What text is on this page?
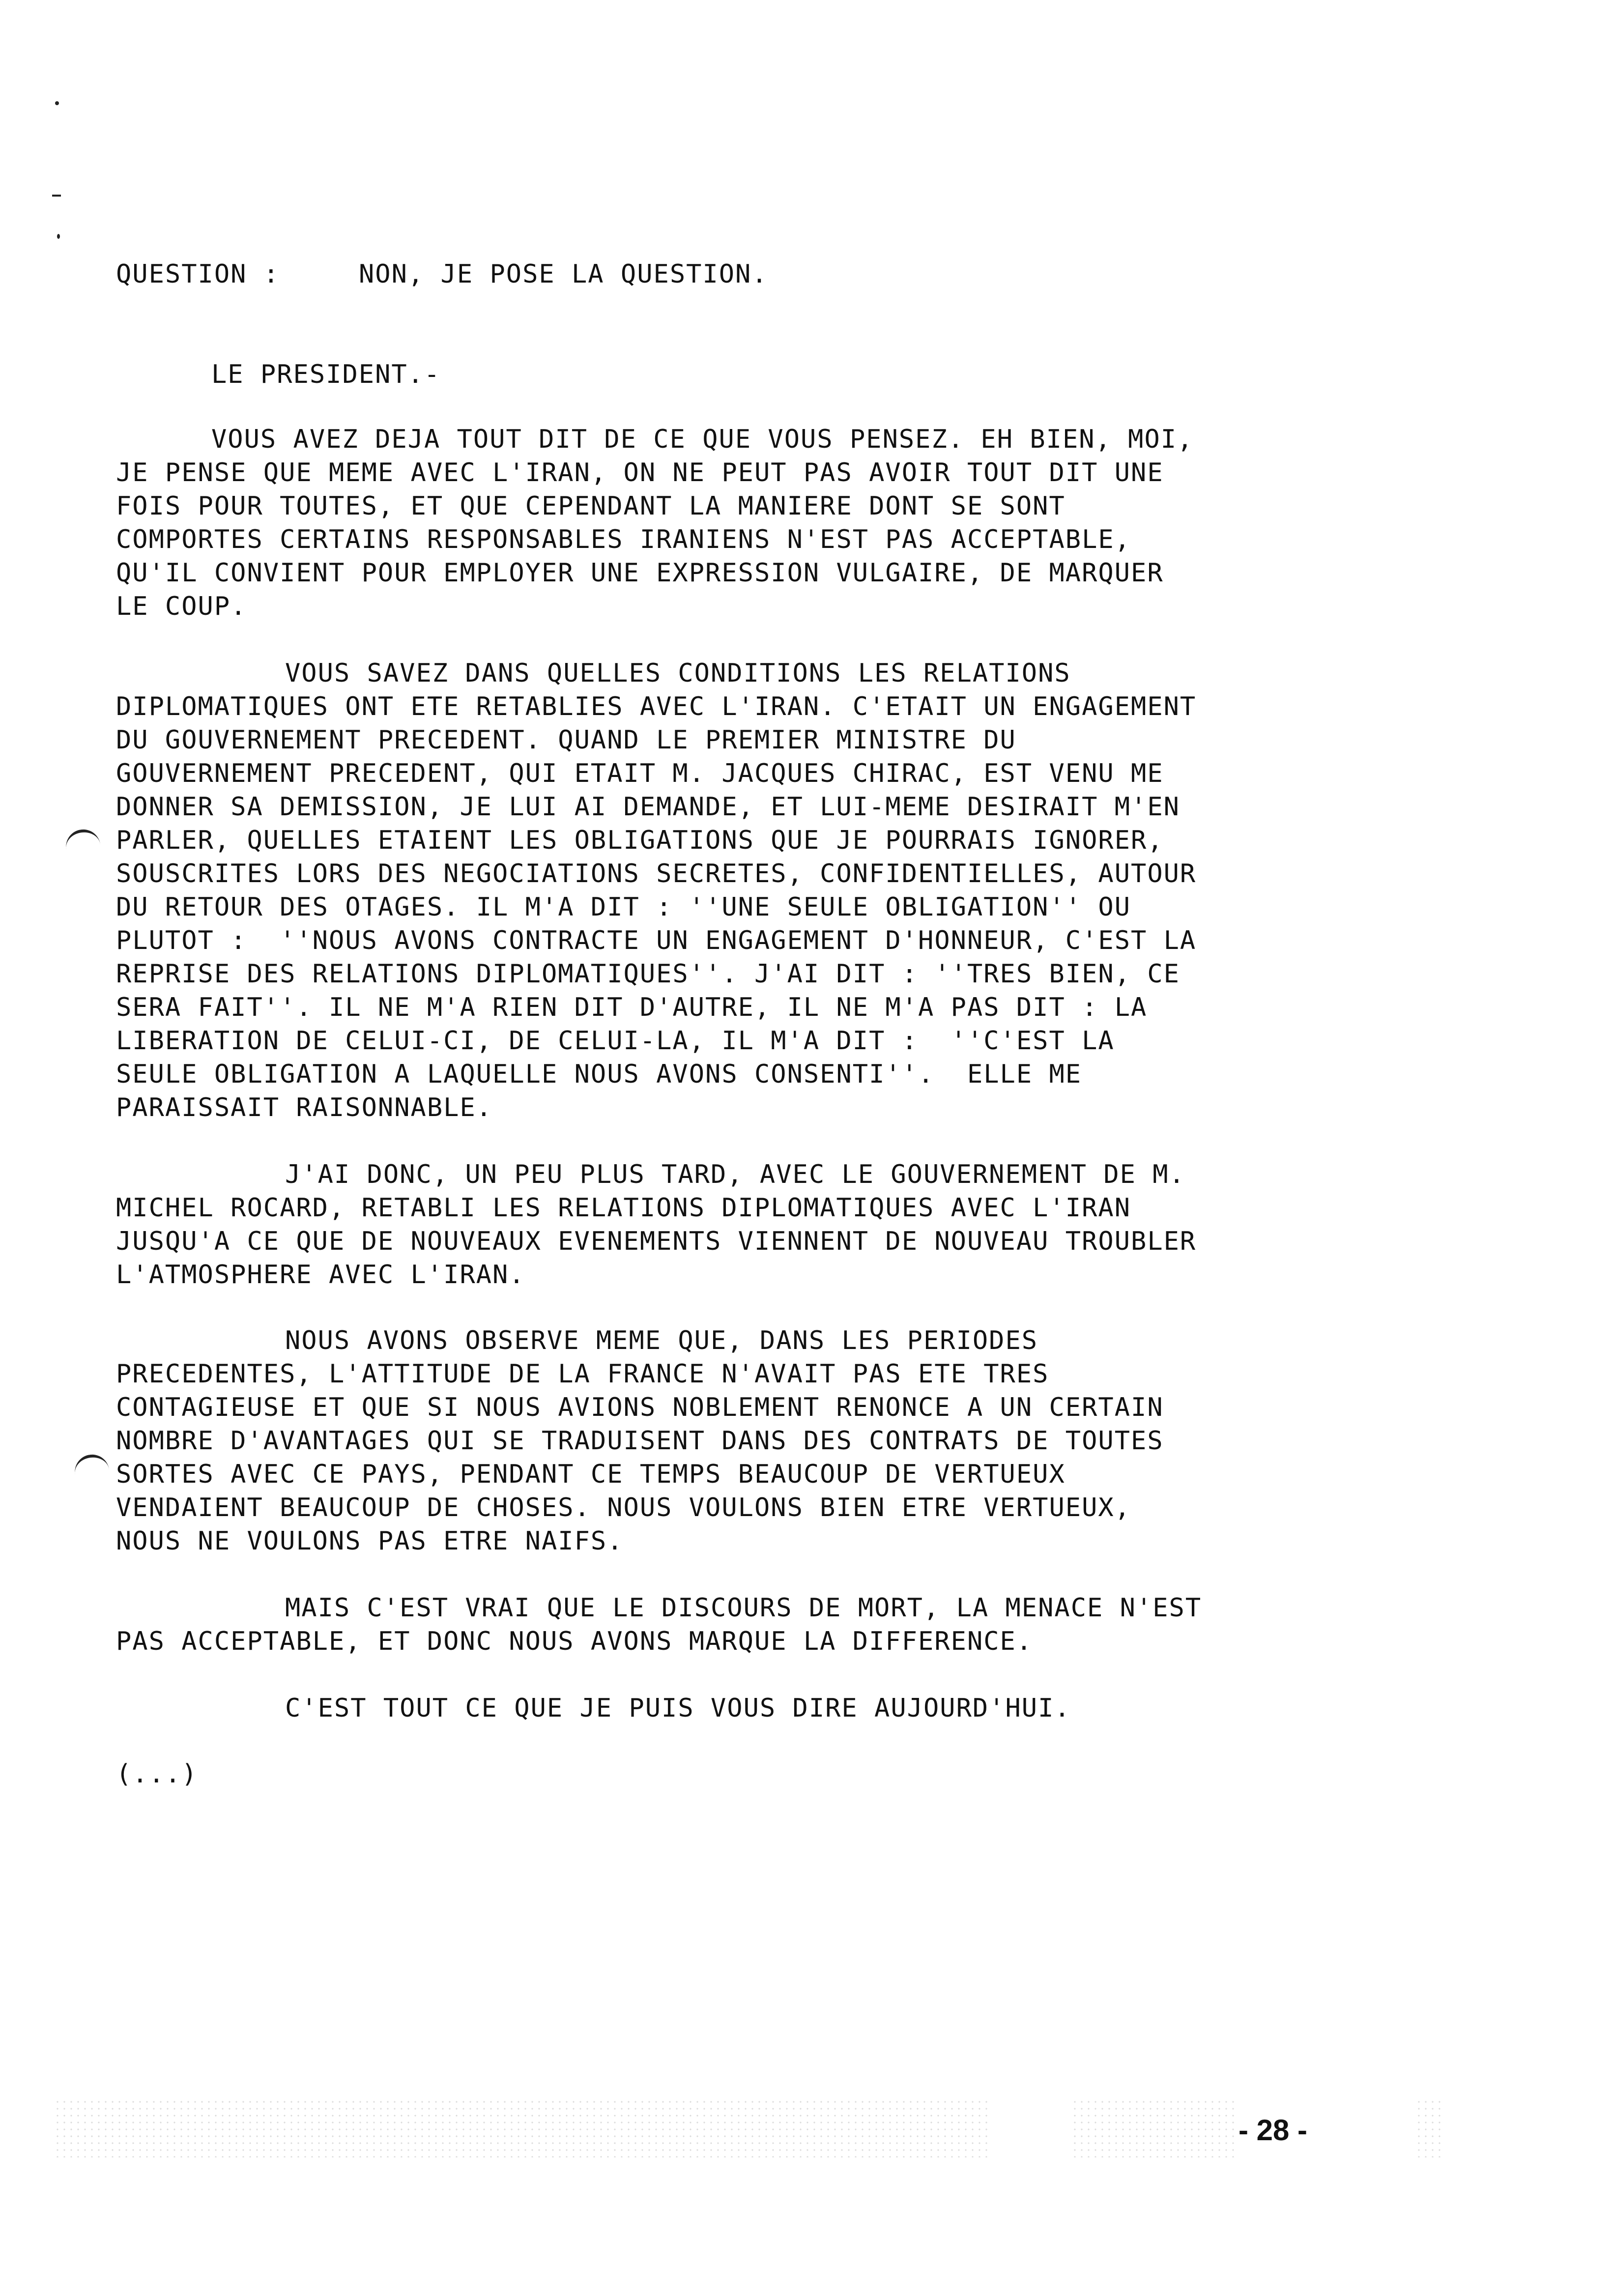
QUESTION :	NON, JE POSE LA QUESTION.
LE PRESIDENT.-
VOUS AVEZ DEJA TOUT DIT DE CE QUE VOUS PENSEZ. EH BIEN, MOI,
JE PENSE QUE MEME AVEC L'IRAN, ON NE PEUT PAS AVOIR TOUT DIT UNE
FOIS POUR TOUTES, ET QUE CEPENDANT LA MANIERE DONT SE SONT
COMPORTES CERTAINS RESPONSABLES IRANIENS N'EST PAS ACCEPTABLE,
QU'IL CONVIENT POUR EMPLOYER UNE EXPRESSION VULGAIRE, DE MARQUER
LE COUP.
VOUS SAVEZ DANS QUELLES CONDITIONS LES RELATIONS
DIPLOMATIQUES ONT ETE RETABLIES AVEC L'IRAN. C'ETAIT UN ENGAGEMENT
DU GOUVERNEMENT PRECEDENT. QUAND LE PREMIER MINISTRE DU
GOUVERNEMENT PRECEDENT, QUI ETAIT M. JACQUES CHIRAC, EST VENU ME
DONNER SA DEMISSION, JE LUI AI DEMANDE, ET LUI-MEME DESIRAIT M'EN
PARLER, QUELLES ETAIENT LES OBLIGATIONS QUE JE POURRAIS IGNORER,
SOUSCRITES LORS DES NEGOCIATIONS SECRETES, CONFIDENTIELLES, AUTOUR
DU RETOUR DES OTAGES. IL M'A DIT : ''UNE SEULE OBLIGATION'' OU
PLUTOT :  ''NOUS AVONS CONTRACTE UN ENGAGEMENT D'HONNEUR, C'EST LA
REPRISE DES RELATIONS DIPLOMATIQUES''. J'AI DIT : ''TRES BIEN, CE
SERA FAIT''. IL NE M'A RIEN DIT D'AUTRE, IL NE M'A PAS DIT : LA
LIBERATION DE CELUI-CI, DE CELUI-LA, IL M'A DIT :  ''C'EST LA
SEULE OBLIGATION A LAQUELLE NOUS AVONS CONSENTI''.  ELLE ME
PARAISSAIT RAISONNABLE.
J'AI DONC, UN PEU PLUS TARD, AVEC LE GOUVERNEMENT DE M.
MICHEL ROCARD, RETABLI LES RELATIONS DIPLOMATIQUES AVEC L'IRAN
JUSQU'A CE QUE DE NOUVEAUX EVENEMENTS VIENNENT DE NOUVEAU TROUBLER
L'ATMOSPHERE AVEC L'IRAN.
NOUS AVONS OBSERVE MEME QUE, DANS LES PERIODES
PRECEDENTES, L'ATTITUDE DE LA FRANCE N'AVAIT PAS ETE TRES
CONTAGIEUSE ET QUE SI NOUS AVIONS NOBLEMENT RENONCE A UN CERTAIN
NOMBRE D'AVANTAGES QUI SE TRADUISENT DANS DES CONTRATS DE TOUTES
SORTES AVEC CE PAYS, PENDANT CE TEMPS BEAUCOUP DE VERTUEUX
VENDAIENT BEAUCOUP DE CHOSES. NOUS VOULONS BIEN ETRE VERTUEUX,
NOUS NE VOULONS PAS ETRE NAIFS.
MAIS C'EST VRAI QUE LE DISCOURS DE MORT, LA MENACE N'EST
PAS ACCEPTABLE, ET DONC NOUS AVONS MARQUE LA DIFFERENCE.
C'EST TOUT CE QUE JE PUIS VOUS DIRE AUJOURD'HUI.
(...)
- 28 -
